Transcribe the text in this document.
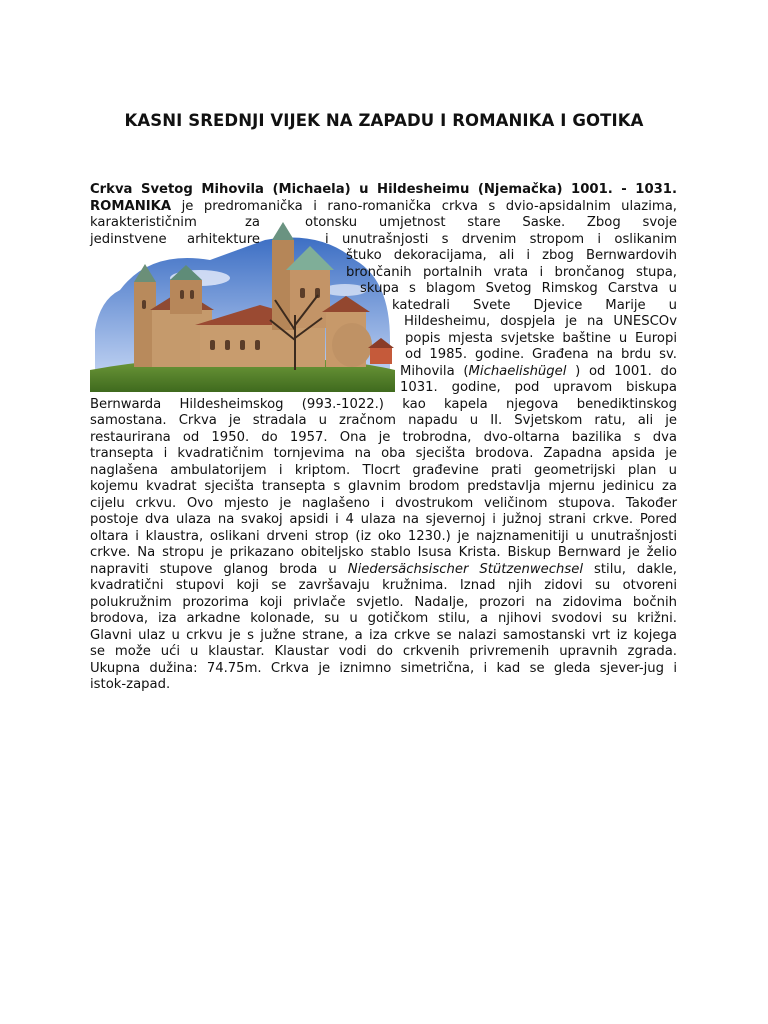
KASNI SREDNJI VIJEK NA ZAPADU I ROMANIKA I GOTIKA
Crkva Svetog Mihovila (Michaela) u Hildesheimu (Njemačka) 1001. - 1031.
ROMANIKA je predromanička i rano-romanička crkva s dvio-apsidalnim ulazima,
karakterističnim za	otonsku umjetnost stare Saske. Zbog svoje
jedinstvene arhitekture	i unutrašnjosti s drvenim stropom i oslikanim
štuko dekoracijama, ali i zbog Bernwardovih
brončanih portalnih vrata i brončanog stupa,
skupa s blagom Svetog Rimskog Carstva u
katedrali Svete Djevice Marije u
Hildesheimu, dospjela je na UNESCOv
popis mjesta svjetske baštine u Europi
od 1985. godine. Građena na brdu sv.
Mihovila (Michaelishügel ) od 1001. do
1031. godine, pod upravom biskupa
Bernwarda Hildesheimskog (993.-1022.) kao kapela njegova benediktinskog
samostana. Crkva je stradala u zračnom napadu u II. Svjetskom ratu, ali je
restaurirana od 1950. do 1957. Ona je trobrodna, dvo-oltarna bazilika s dva
transepta i kvadratičnim tornjevima na oba sjecišta brodova. Zapadna apsida je
naglašena ambulatorijem i kriptom. Tlocrt građevine prati geometrijski plan u
kojemu kvadrat sjecišta transepta s glavnim brodom predstavlja mjernu jedinicu za
cijelu crkvu. Ovo mjesto je naglašeno i dvostrukom veličinom stupova. Također
postoje dva ulaza na svakoj apsidi i 4 ulaza na sjevernoj i južnoj strani crkve. Pored
oltara i klaustra, oslikani drveni strop (iz oko 1230.) je najznamenitiji u unutrašnjosti
crkve. Na stropu je prikazano obiteljsko stablo Isusa Krista. Biskup Bernward je želio
napraviti stupove glanog broda u Niedersächsischer Stützenwechsel stilu, dakle,
kvadratični stupovi koji se završavaju kružnima. Iznad njih zidovi su otvoreni
polukružnim prozorima koji privlače svjetlo. Nadalje, prozori na zidovima bočnih
brodova, iza arkadne kolonade, su u gotičkom stilu, a njihovi svodovi su križni.
Glavni ulaz u crkvu je s južne strane, a iza crkve se nalazi samostanski vrt iz kojega
se može ući u klaustar. Klaustar vodi do crkvenih privremenih upravnih zgrada.
Ukupna dužina: 74.75m. Crkva je iznimno simetrična, i kad se gleda sjever-jug i
istok-zapad.
